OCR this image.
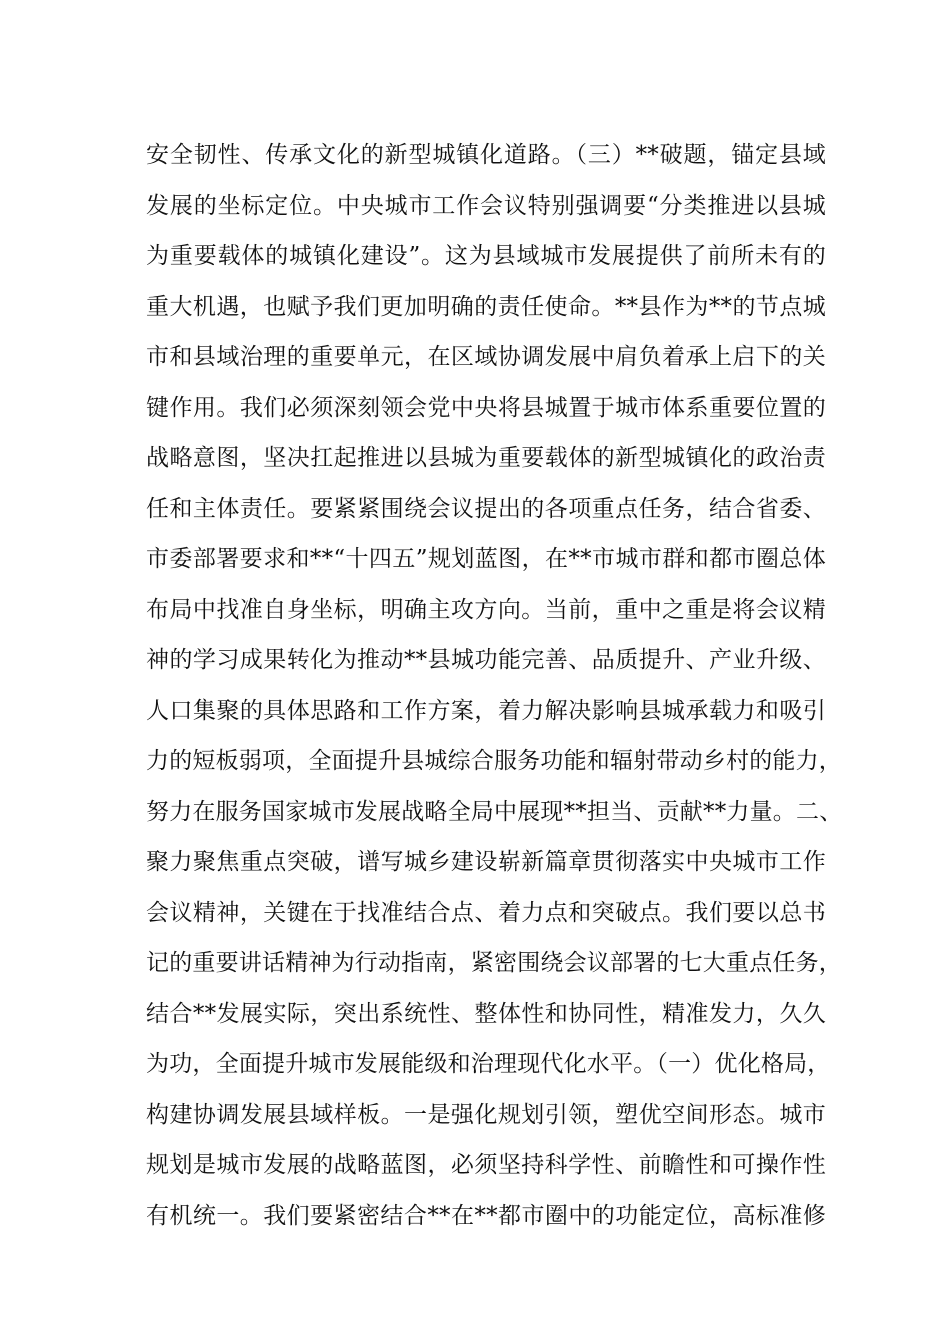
安全韧性、传承文化的新型城镇化道路。（三）**破题，锚定县域
发展的坐标定位。中央城市工作会议特别强调要“分类推进以县城
为重要载体的城镇化建设”。这为县域城市发展提供了前所未有的
重大机遇，也赋予我们更加明确的责任使命。**县作为**的节点城
市和县域治理的重要单元，在区域协调发展中肩负着承上启下的关
键作用。我们必须深刻领会党中央将县城置于城市体系重要位置的
战略意图，坚决扛起推进以县城为重要载体的新型城镇化的政治责
任和主体责任。要紧紧围绕会议提出的各项重点任务，结合省委、
市委部署要求和**“十四五”规划蓝图，在**市城市群和都市圈总体
布局中找准自身坐标，明确主攻方向。当前，重中之重是将会议精
神的学习成果转化为推动**县城功能完善、品质提升、产业升级、
人口集聚的具体思路和工作方案，着力解决影响县城承载力和吸引
力的短板弱项，全面提升县城综合服务功能和辐射带动乡村的能力，
努力在服务国家城市发展战略全局中展现**担当、贡献**力量。二、
聚力聚焦重点突破，谱写城乡建设崭新篇章贯彻落实中央城市工作
会议精神，关键在于找准结合点、着力点和突破点。我们要以总书
记的重要讲话精神为行动指南，紧密围绕会议部署的七大重点任务，
结合**发展实际，突出系统性、整体性和协同性，精准发力，久久
为功，全面提升城市发展能级和治理现代化水平。（一）优化格局，
构建协调发展县域样板。一是强化规划引领，塑优空间形态。城市
规划是城市发展的战略蓝图，必须坚持科学性、前瞻性和可操作性
有机统一。我们要紧密结合**在**都市圈中的功能定位，高标准修
